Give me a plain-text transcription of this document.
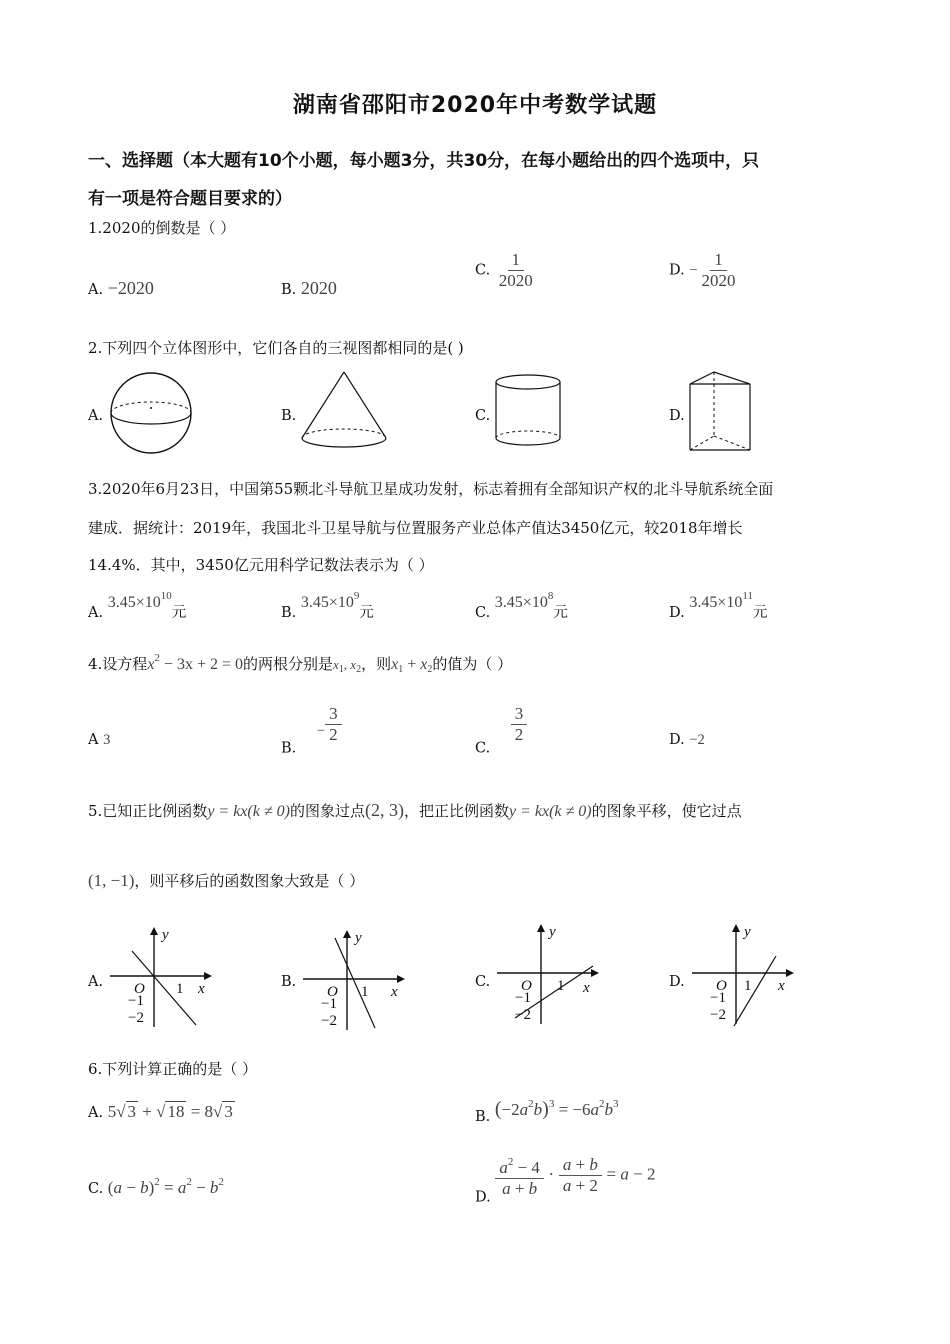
湖南省邵阳市2020年中考数学试题
一、选择题（本大题有10个小题，每小题3分，共30分，在每小题给出的四个选项中，只
有一项是符合题目要求的）
1.2020的倒数是（ ）
A. −2020	B. 2020
C. $\frac{1}{2020}$	D. − $\frac{1}{2020}$
2.下列四个立体图形中，它们各自的三视图都相同的是( )
A.	B.	C.	D.
3.2020年6月23日，中国第55颗北斗导航卫星成功发射，标志着拥有全部知识产权的北斗导航系统全面
建成．据统计：2019年，我国北斗卫星导航与位置服务产业总体产值达3450亿元，较2018年增长
14.4%．其中，3450亿元用科学记数法表示为（ ）
A. $3.45\times 10^{10}$元	B. $3.45\times 10^9$元	C. $3.45\times 10^8$元	D. $3.45\times 10^{11}$元
4.设方程$x^2 - 3x + 2 = 0$的两根分别是$x_1$, $x_2$，则$x_1 + x_2$的值为（ ）
A 3
B. − $\frac{3}{2}$
C.
$\frac{3}{2}$	D. −2
5.已知正比例函数y = kx(k ≠ 0)的图象过点(2, 3)，把正比例函数y = kx(k ≠ 0)的图象平移，使它过点
(1, −1)，则平移后的函数图象大致是（ ）
A.
y
x
O 1
−1
−2
B.
y
x
O 1
−1
−2
C.
y
x
O 1
−1
−2
D.
y
x
O 1
−1
−2
6.下列计算正确的是（ ）
A. 5√ 3 + √ 18 = 8√ 3	B. $(-2a^2b)^3 = -6a^2b^3$
C. $(a - b)^2 = a^2 - b^2$
D. $\frac{a^2 - 4}{a + b} \cdot \frac{a + b}{a + 2} = a - 2$
